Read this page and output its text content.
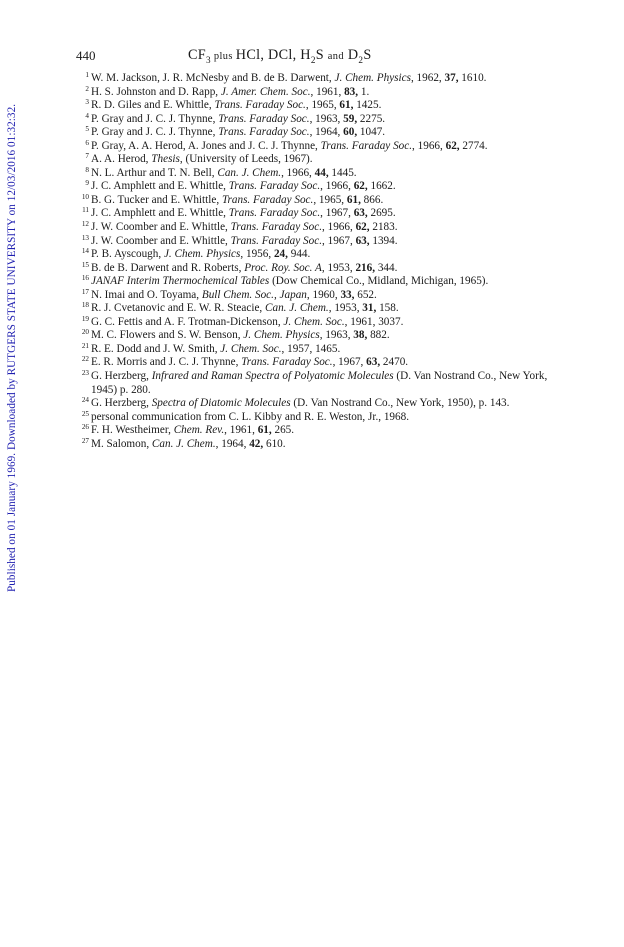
Published on 01 January 1969. Downloaded by RUTGERS STATE UNIVERSITY on 12/03/2016 01:32:32.
440	$CF_3$ plus HCl, DCl, $H_2S$ and $D_2S$
1 W. M. Jackson, J. R. McNesby and B. de B. Darwent, J. Chem. Physics, 1962, 37, 1610.
2 H. S. Johnston and D. Rapp, J. Amer. Chem. Soc., 1961, 83, 1.
3 R. D. Giles and E. Whittle, Trans. Faraday Soc., 1965, 61, 1425.
4 P. Gray and J. C. J. Thynne, Trans. Faraday Soc., 1963, 59, 2275.
5 P. Gray and J. C. J. Thynne, Trans. Faraday Soc., 1964, 60, 1047.
6 P. Gray, A. A. Herod, A. Jones and J. C. J. Thynne, Trans. Faraday Soc., 1966, 62, 2774.
7 A. A. Herod, Thesis, (University of Leeds, 1967).
8 N. L. Arthur and T. N. Bell, Can. J. Chem., 1966, 44, 1445.
9 J. C. Amphlett and E. Whittle, Trans. Faraday Soc., 1966, 62, 1662.
10 B. G. Tucker and E. Whittle, Trans. Faraday Soc., 1965, 61, 866.
11 J. C. Amphlett and E. Whittle, Trans. Faraday Soc., 1967, 63, 2695.
12 J. W. Coomber and E. Whittle, Trans. Faraday Soc., 1966, 62, 2183.
13 J. W. Coomber and E. Whittle, Trans. Faraday Soc., 1967, 63, 1394.
14 P. B. Ayscough, J. Chem. Physics, 1956, 24, 944.
15 B. de B. Darwent and R. Roberts, Proc. Roy. Soc. A, 1953, 216, 344.
16 JANAF Interim Thermochemical Tables (Dow Chemical Co., Midland, Michigan, 1965).
17 N. Imai and O. Toyama, Bull Chem. Soc., Japan, 1960, 33, 652.
18 R. J. Cvetanovic and E. W. R. Steacie, Can. J. Chem., 1953, 31, 158.
19 G. C. Fettis and A. F. Trotman-Dickenson, J. Chem. Soc., 1961, 3037.
20 M. C. Flowers and S. W. Benson, J. Chem. Physics, 1963, 38, 882.
21 R. E. Dodd and J. W. Smith, J. Chem. Soc., 1957, 1465.
22 E. R. Morris and J. C. J. Thynne, Trans. Faraday Soc., 1967, 63, 2470.
23 G. Herzberg, Infrared and Raman Spectra of Polyatomic Molecules (D. Van Nostrand Co., New York, 1945) p. 280.
24 G. Herzberg, Spectra of Diatomic Molecules (D. Van Nostrand Co., New York, 1950), p. 143.
25 personal communication from C. L. Kibby and R. E. Weston, Jr., 1968.
26 F. H. Westheimer, Chem. Rev., 1961, 61, 265.
27 M. Salomon, Can. J. Chem., 1964, 42, 610.
